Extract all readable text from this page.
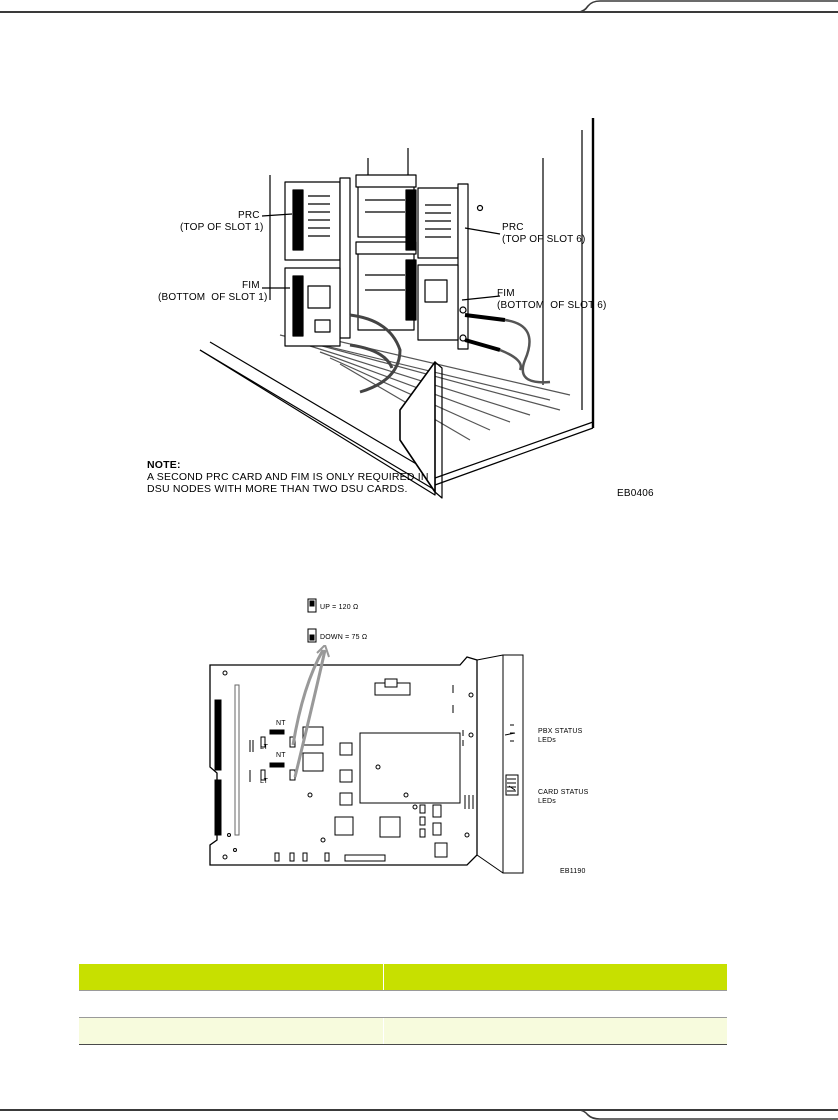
PRC
(TOP OF SLOT 1)
FIM
(BOTTOM  OF SLOT 1)
PRC
(TOP OF SLOT 6)
FIM
(BOTTOM  OF SLOT 6)
NOTE:
A SECOND PRC CARD AND FIM IS ONLY REQUIRED IN
DSU NODES WITH MORE THAN TWO DSU CARDS.	EB0406
UP = 120 Ω
DOWN = 75 Ω
NT
LT
NT
LT
PBX STATUS
LEDs
CARD STATUS
LEDs
EB1190
